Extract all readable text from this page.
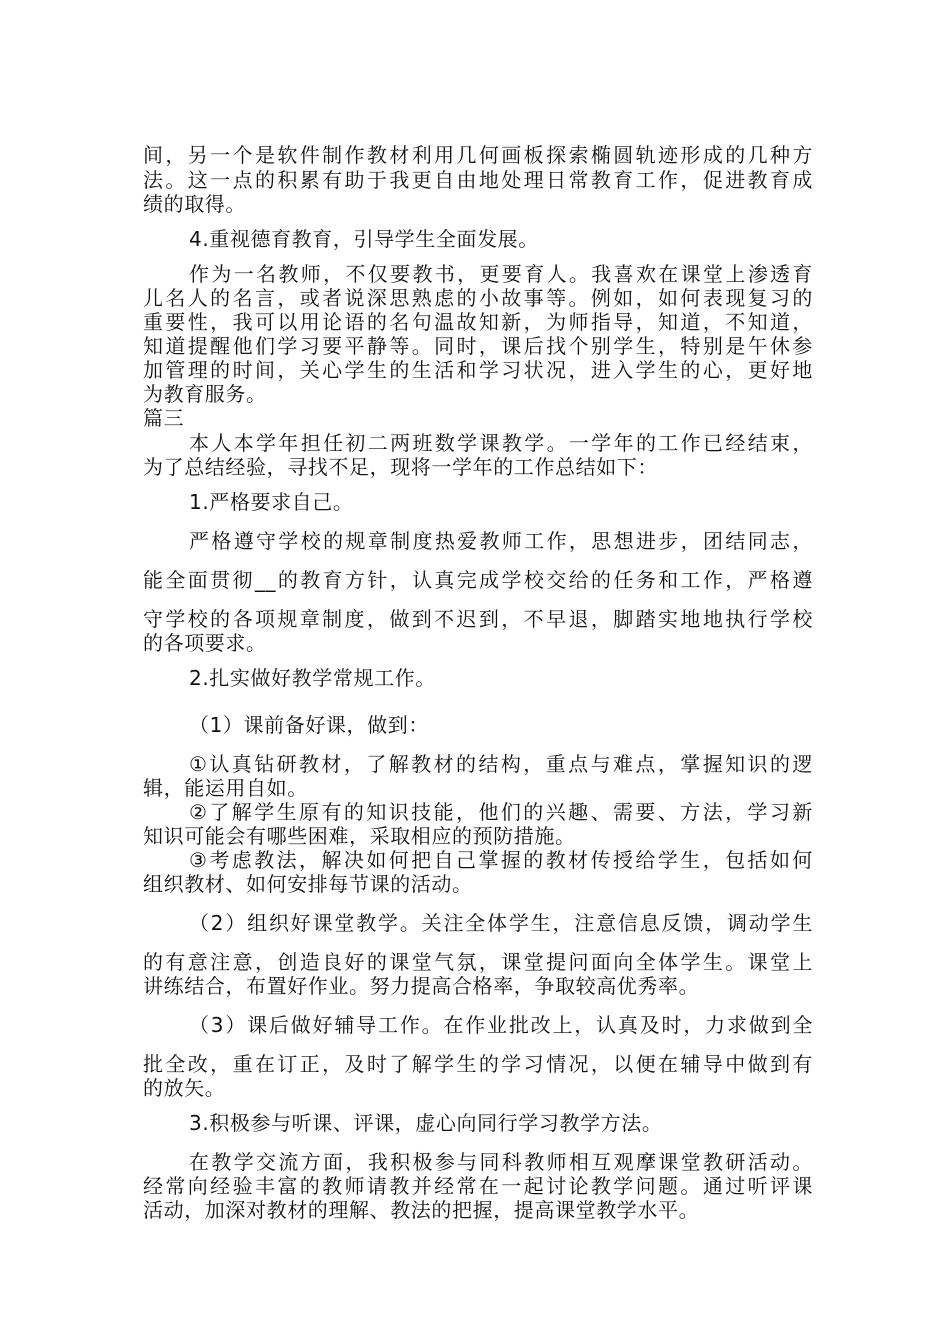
间，另一个是软件制作教材利用几何画板探索椭圆轨迹形成的几种方
法。这一点的积累有助于我更自由地处理日常教育工作，促进教育成
绩的取得。
4.重视德育教育，引导学生全面发展。
作为一名教师，不仅要教书，更要育人。我喜欢在课堂上渗透育
儿名人的名言，或者说深思熟虑的小故事等。例如，如何表现复习的
重要性，我可以用论语的名句温故知新，为师指导，知道，不知道，
知道提醒他们学习要平静等。同时，课后找个别学生，特别是午休参
加管理的时间，关心学生的生活和学习状况，进入学生的心，更好地
为教育服务。
篇三
本人本学年担任初二两班数学课教学。一学年的工作已经结束，
为了总结经验，寻找不足，现将一学年的工作总结如下：
1.严格要求自己。
严格遵守学校的规章制度热爱教师工作，思想进步，团结同志，
能全面贯彻__的教育方针，认真完成学校交给的任务和工作，严格遵
守学校的各项规章制度，做到不迟到，不早退，脚踏实地地执行学校
的各项要求。
2.扎实做好教学常规工作。
（1）课前备好课，做到：
①认真钻研教材，了解教材的结构，重点与难点，掌握知识的逻
辑，能运用自如。
②了解学生原有的知识技能，他们的兴趣、需要、方法，学习新
知识可能会有哪些困难，采取相应的预防措施。
③考虑教法，解决如何把自己掌握的教材传授给学生，包括如何
组织教材、如何安排每节课的活动。
（2）组织好课堂教学。关注全体学生，注意信息反馈，调动学生
的有意注意，创造良好的课堂气氛，课堂提问面向全体学生。课堂上
讲练结合，布置好作业。努力提高合格率，争取较高优秀率。
（3）课后做好辅导工作。在作业批改上，认真及时，力求做到全
批全改，重在订正，及时了解学生的学习情况，以便在辅导中做到有
的放矢。
3.积极参与听课、评课，虚心向同行学习教学方法。
在教学交流方面，我积极参与同科教师相互观摩课堂教研活动。
经常向经验丰富的教师请教并经常在一起讨论教学问题。通过听评课
活动，加深对教材的理解、教法的把握，提高课堂教学水平。
